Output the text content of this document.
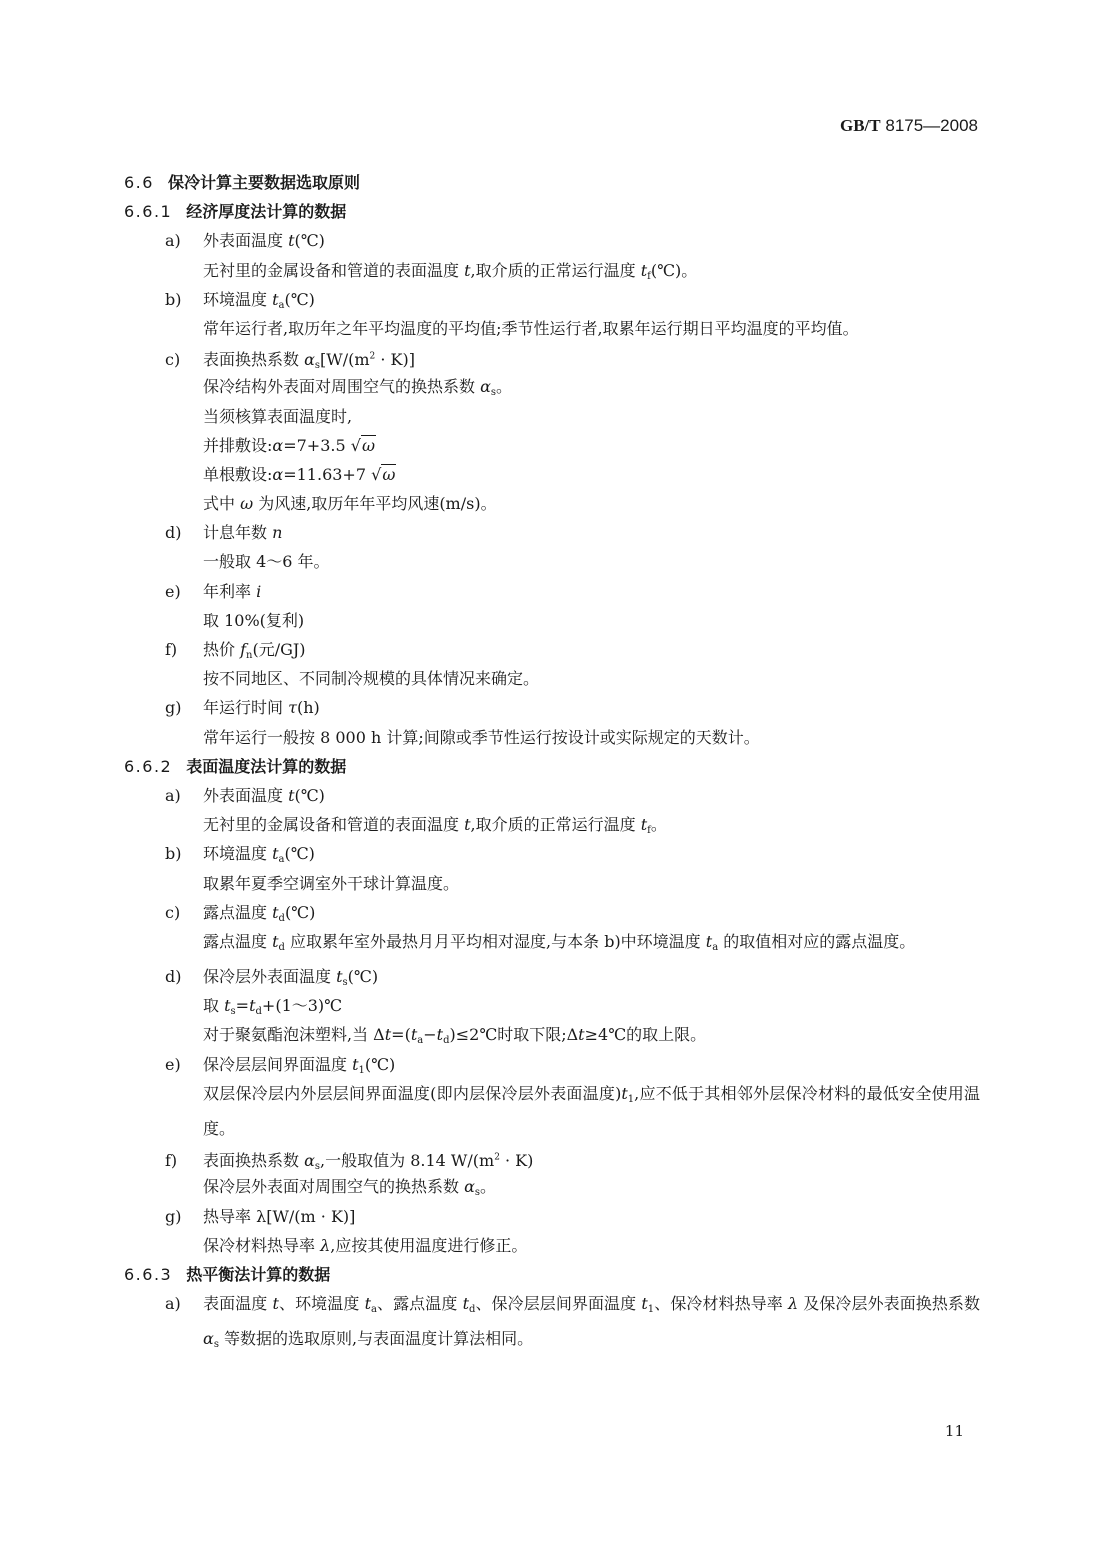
GB/T 8175—2008
6.6 保冷计算主要数据选取原则
6.6.1 经济厚度法计算的数据
a) 外表面温度 t(℃)
无衬里的金属设备和管道的表面温度 t,取介质的正常运行温度 $t_f(℃)$。
b) 环境温度 $t_a(℃)$
常年运行者,取历年之年平均温度的平均值;季节性运行者,取累年运行期日平均温度的平均值。
c) 表面换热系数 $\alpha_s[W/(m^2 \cdot K)]$
保冷结构外表面对周围空气的换热系数 $\alpha_s$。
当须核算表面温度时,
并排敷设:α=7+3.5 √ω
单根敷设:α=11.63+7 √ω
式中 ω 为风速,取历年年平均风速(m/s)。
d) 计息年数 n
一般取 4～6 年。
e) 年利率 i
取 10%(复利)
f) 热价 $f_n$(元/GJ)
按不同地区、不同制冷规模的具体情况来确定。
g) 年运行时间 τ(h)
常年运行一般按 8 000 h 计算;间隙或季节性运行按设计或实际规定的天数计。
6.6.2 表面温度法计算的数据
a) 外表面温度 t(℃)
无衬里的金属设备和管道的表面温度 t,取介质的正常运行温度 $t_f$。
b) 环境温度 $t_a(℃)$
取累年夏季空调室外干球计算温度。
c) 露点温度 $t_d(℃)$
露点温度 $t_d$ 应取累年室外最热月月平均相对湿度,与本条 b)中环境温度 $t_a$ 的取值相对应的露点温度。
d) 保冷层外表面温度 $t_s(℃)$
取 $t_s=t_d+(1\sim 3)℃$
对于聚氨酯泡沫塑料,当 $\Delta t=(t_a-t_d)\le 2℃$时取下限;Δt≥4℃的取上限。
e) 保冷层层间界面温度 $t_1(℃)$
双层保冷层内外层层间界面温度(即内层保冷层外表面温度)$t_1$,应不低于其相邻外层保冷材料的最低安全使用温度。
f) 表面换热系数 $\alpha_s$,一般取值为 8.14 $W/(m^2 \cdot K)$
保冷层外表面对周围空气的换热系数 $\alpha_s$。
g) 热导率 λ[W/(m · K)]
保冷材料热导率 λ,应按其使用温度进行修正。
6.6.3 热平衡法计算的数据
a) 表面温度 t、环境温度 $t_a$、露点温度 $t_d$、保冷层层间界面温度 $t_1$、保冷材料热导率 λ 及保冷层外表面换热系数 $\alpha_s$ 等数据的选取原则,与表面温度计算法相同。
11
